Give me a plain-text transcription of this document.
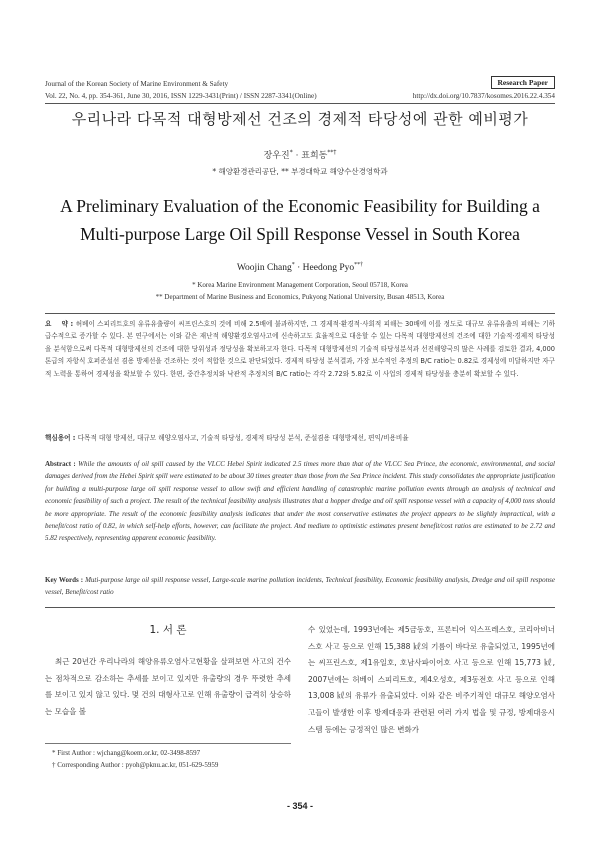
Journal of the Korean Society of Marine Environment & Safety	Research Paper
Vol. 22, No. 4, pp. 354-361, June 30, 2016, ISSN 1229-3431(Print) / ISSN 2287-3341(Online)	http://dx.doi.org/10.7837/kosomes.2016.22.4.354
우리나라 다목적 대형방제선 건조의 경제적 타당성에 관한 예비평가
장우진* · 표희동**†
* 해양환경관리공단, ** 부경대학교 해양수산경영학과
A Preliminary Evaluation of the Economic Feasibility for Building a
Multi-purpose Large Oil Spill Response Vessel in South Korea
Woojin Chang* · Heedong Pyo**†
* Korea Marine Environment Management Corporation, Seoul 05718, Korea
** Department of Marine Business and Economics, Pukyong National University, Busan 48513, Korea
요    약 : 허베이 스피리트호의 유류유출량이 씨프린스호의 것에 비해 2.5배에 불과하지만, 그 경제적·환경적·사회적 피해는 30배에 이를 정도로 대규모 유류유출의 피해는 기하급수적으로 증가할 수 있다. 본 연구에서는 이와 같은 재난적 해양환경오염사고에 신속하고도 효율적으로 대응할 수 있는 다목적 대형방제선의 건조에 대한 기술적·경제적 타당성을 분석함으로써 다목적 대형방제선의 건조에 대한 당위성과 정당성을 확보하고자 한다. 다목적 대형방제선의 기술적 타당성분석과 선진해양국의 많은 사례를 검토한 결과, 4,000톤급의 자항식 호퍼준설선 겸용 방제선을 건조하는 것이 적합한 것으로 판단되었다. 경제적 타당성 분석결과, 가장 보수적인 추정의 B/C ratio는 0.82로 경제성에 미달하지만 자구적 노력을 통하여 경제성을 확보할 수 있다. 한편, 중간추정치와 낙관적 추정치의 B/C ratio는 각각 2.72와 5.82로 이 사업의 경제적 타당성을 충분히 확보할 수 있다.
핵심용어 : 다목적 대형 방제선, 대규모 해양오염사고, 기술적 타당성, 경제적 타당성 분석, 준설겸용 대형방제선, 편익/비용비율
Abstract : While the amounts of oil spill caused by the VLCC Hebei Spirit indicated 2.5 times more than that of the VLCC Sea Prince, the economic, environmental, and social damages derived from the Hebei Spirit spill were estimated to be about 30 times greater than those from the Sea Prince incident. This study consolidates the appropriate justification for building a multi-purpose large oil spill response vessel to allow swift and efficient handling of catastrophic marine pollution events through an analysis of technical and economic feasibility of such a project. The result of the technical feasibility analysis illustrates that a hopper dredge and oil spill response vessel with a capacity of 4,000 tons should be more appropriate. The result of the economic feasibility analysis indicates that under the most conservative estimates the project appears to be slightly impractical, with a benefit/cost ratio of 0.82, in which self-help efforts, however, can facilitate the project. And medium to optimistic estimates present benefit/cost ratios are estimated to be 2.72 and 5.82 respectively, representing apparent economic feasibility.
Key Words : Muti-purpose large oil spill response vessel, Large-scale marine pollution incidents, Technical feasibility, Economic feasibility analysis, Dredge and oil spill response vessel, Benefit/cost ratio
1. 서 론
최근 20년간 우리나라의 해양유류오염사고현황을 살펴보면 사고의 건수는 점차적으로 감소하는 추세를 보이고 있지만 유출량의 경우 뚜렷한 추세를 보이고 있지 않고 있다. 몇 건의 대형사고로 인해 유출량이 급격히 상승하는 모습을 볼
수 있었는데, 1993년에는 제5금동호, 프론티어 익스프레스호, 코리아비너스호 사고 등으로 인해 15,388 ㎘의 기름이 바다로 유출되었고, 1995년에는 씨프린스호, 제1유일호, 호남사파이어호 사고 등으로 인해 15,773 ㎘, 2007년에는 허베이 스피리트호, 제4오성호, 제3동전호 사고 등으로 인해 13,008 ㎘의 유류가 유출되었다. 이와 같은 비주기적인 대규모 해양오염사고들이 발생한 이후 방제대응과 관련된 여러 가지 법을 및 규정, 방제대응시스템 등에는 긍정적인 많은 변화가
* First Author : wjchang@koem.or.kr, 02-3498-8597
† Corresponding Author : pyoh@pknu.ac.kr, 051-629-5959
- 354 -
